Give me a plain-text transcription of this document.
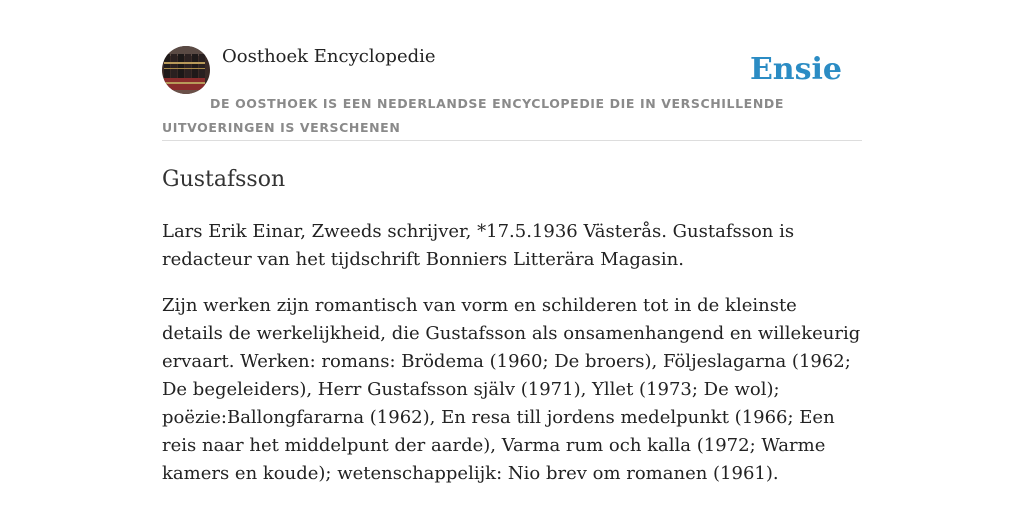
Oosthoek Encyclopedie	Ensie

DE OOSTHOEK IS EEN NEDERLANDSE ENCYCLOPEDIE DIE IN VERSCHILLENDE UITVOERINGEN IS VERSCHENEN

Gustafsson

Lars Erik Einar, Zweeds schrijver, *17.5.1936 Västerås. Gustafsson is redacteur van het tijdschrift Bonniers Litterära Magasin.

Zijn werken zijn romantisch van vorm en schilderen tot in de kleinste details de werkelijkheid, die Gustafsson als onsamenhangend en willekeurig ervaart. Werken: romans: Brödema (1960; De broers), Följeslagarna (1962; De begeleiders), Herr Gustafsson själv (1971), Yllet (1973; De wol); poëzie:Ballongfararna (1962), En resa till jordens medelpunkt (1966; Een reis naar het middelpunt der aarde), Varma rum och kalla (1972; Warme kamers en koude); wetenschappelijk: Nio brev om romanen (1961).
